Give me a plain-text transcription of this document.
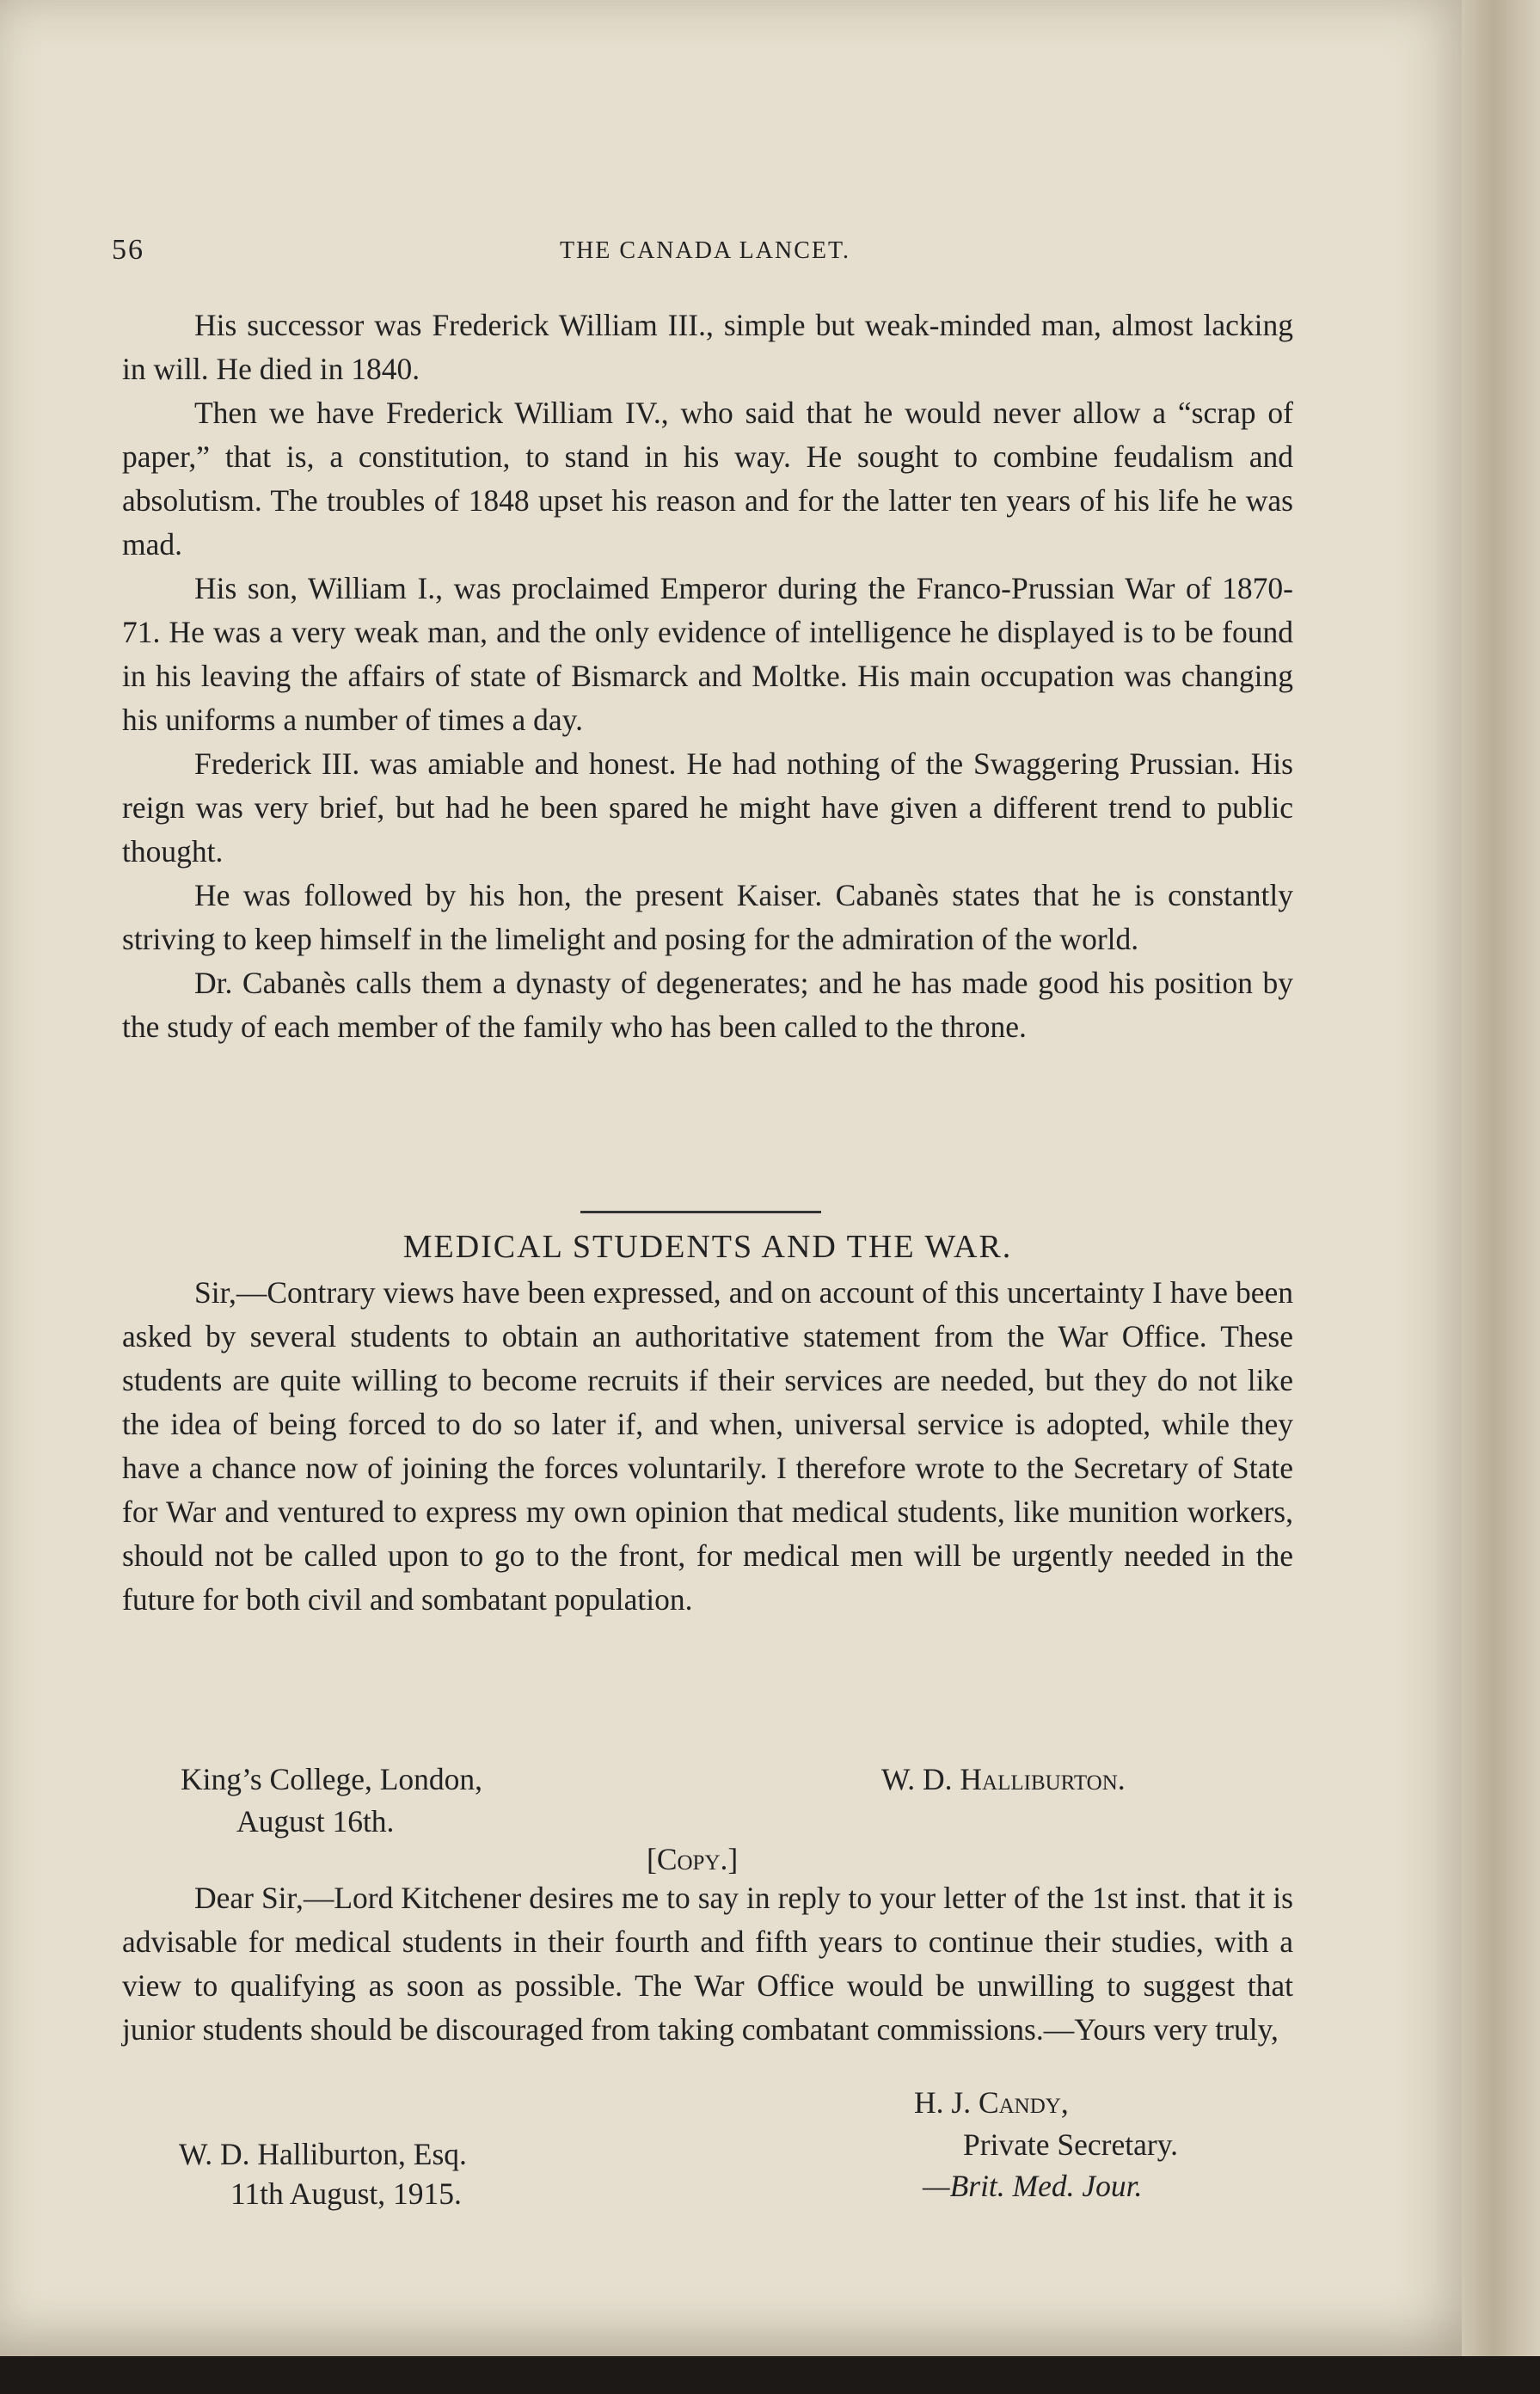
56	THE CANADA LANCET.

His successor was Frederick William III., simple but weak-minded man, almost lacking in will. He died in 1840.

Then we have Frederick William IV., who said that he would never allow a “scrap of paper,” that is, a constitution, to stand in his way. He sought to combine feudalism and absolutism. The troubles of 1848 upset his reason and for the latter ten years of his life he was mad.

His son, William I., was proclaimed Emperor during the Franco-Prussian War of 1870-71. He was a very weak man, and the only evidence of intelligence he displayed is to be found in his leaving the affairs of state of Bismarck and Moltke. His main occupation was changing his uniforms a number of times a day.

Frederick III. was amiable and honest. He had nothing of the Swaggering Prussian. His reign was very brief, but had he been spared he might have given a different trend to public thought.

He was followed by his hon, the present Kaiser. Cabanès states that he is constantly striving to keep himself in the limelight and posing for the admiration of the world.

Dr. Cabanès calls them a dynasty of degenerates; and he has made good his position by the study of each member of the family who has been called to the throne.

MEDICAL STUDENTS AND THE WAR.

Sir,—Contrary views have been expressed, and on account of this uncertainty I have been asked by several students to obtain an authoritative statement from the War Office. These students are quite willing to become recruits if their services are needed, but they do not like the idea of being forced to do so later if, and when, universal service is adopted, while they have a chance now of joining the forces voluntarily. I therefore wrote to the Secretary of State for War and ventured to express my own opinion that medical students, like munition workers, should not be called upon to go to the front, for medical men will be urgently needed in the future for both civil and sombatant population.

King’s College, London,	W. D. Halliburton.
August 16th.
[Copy.]

Dear Sir,—Lord Kitchener desires me to say in reply to your letter of the 1st inst. that it is advisable for medical students in their fourth and fifth years to continue their studies, with a view to qualifying as soon as possible. The War Office would be unwilling to suggest that junior students should be discouraged from taking combatant commissions.—Yours very truly,

H. J. Candy,
Private Secretary.
W. D. Halliburton, Esq.
—Brit. Med. Jour.
11th August, 1915.
